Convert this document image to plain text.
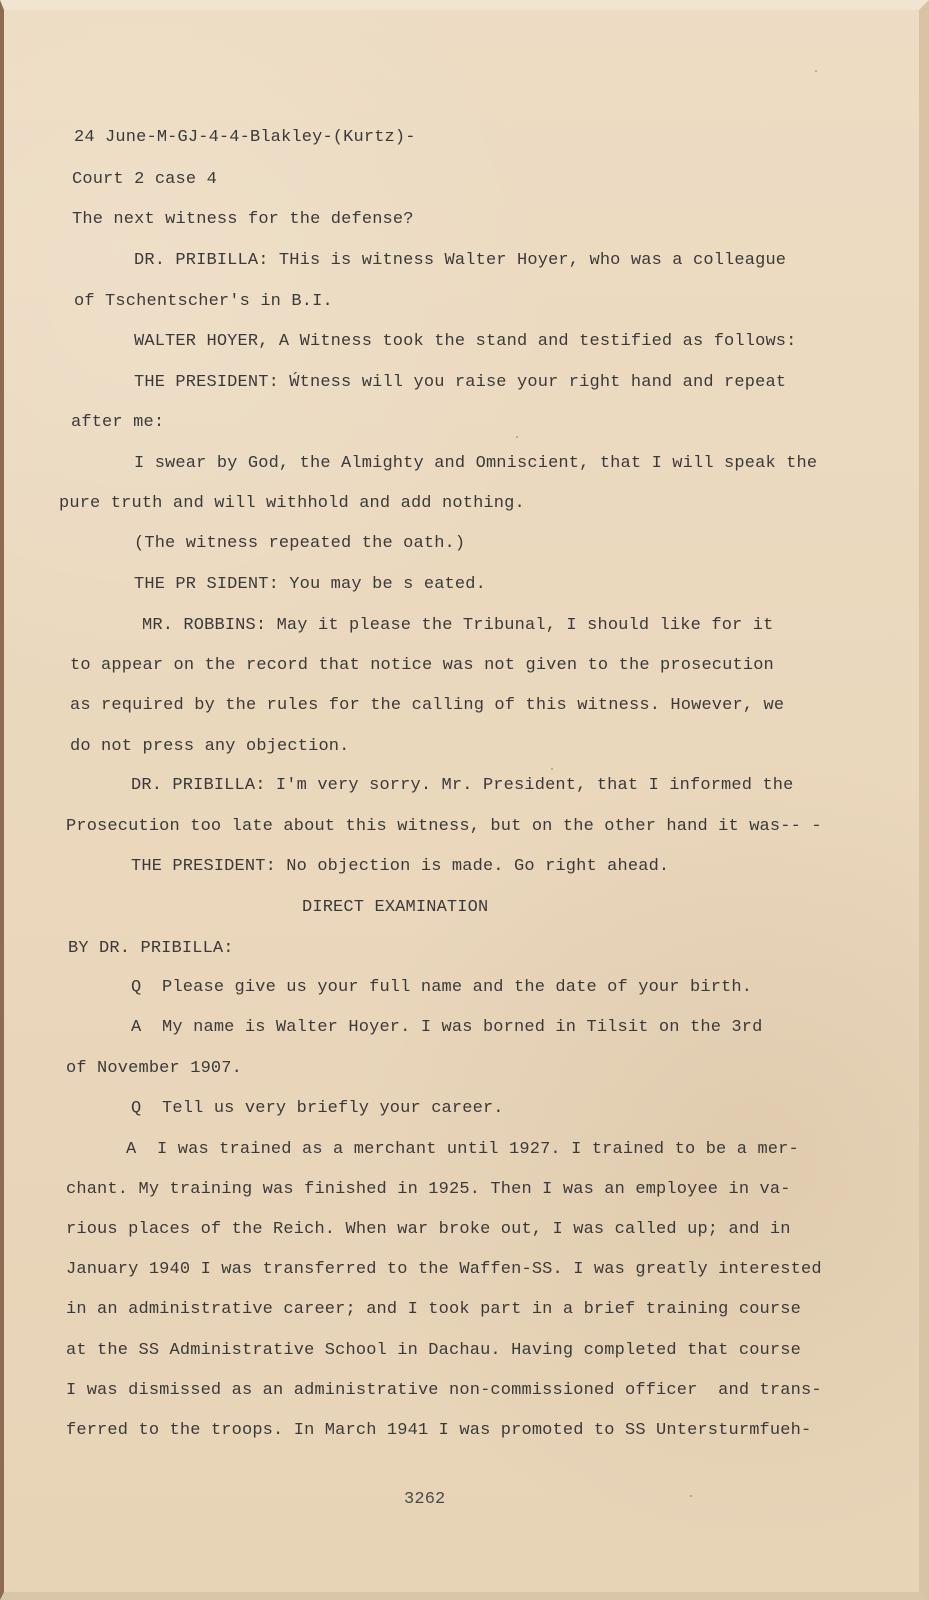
24 June-M-GJ-4-4-Blakley-(Kurtz)-
Court 2 case 4
The next witness for the defense?
DR. PRIBILLA: THis is witness Walter Hoyer, who was a colleague
of Tschentscher's in B.I.
WALTER HOYER, A Witness took the stand and testified as follows:
THE PRESIDENT: Ẃtness will you raise your right hand and repeat
after me:
I swear by God, the Almighty and Omniscient, that I will speak the
pure truth and will withhold and add nothing.
(The witness repeated the oath.)
THE PR SIDENT: You may be s eated.
MR. ROBBINS: May it please the Tribunal, I should like for it
to appear on the record that notice was not given to the prosecution
as required by the rules for the calling of this witness. However, we
do not press any objection.
DR. PRIBILLA: I'm very sorry. Mr. President, that I informed the
Prosecution too late about this witness, but on the other hand it was-- -
THE PRESIDENT: No objection is made. Go right ahead.
DIRECT EXAMINATION
BY DR. PRIBILLA:
Q  Please give us your full name and the date of your birth.
A  My name is Walter Hoyer. I was borned in Tilsit on the 3rd
of November 1907.
Q  Tell us very briefly your career.
A  I was trained as a merchant until 1927. I trained to be a mer-
chant. My training was finished in 1925. Then I was an employee in va-
rious places of the Reich. When war broke out, I was called up; and in
January 1940 I was transferred to the Waffen-SS. I was greatly interested
in an administrative career; and I took part in a brief training course
at the SS Administrative School in Dachau. Having completed that course
I was dismissed as an administrative non-commissioned officer  and trans-
ferred to the troops. In March 1941 I was promoted to SS Untersturmfueh-
3262
